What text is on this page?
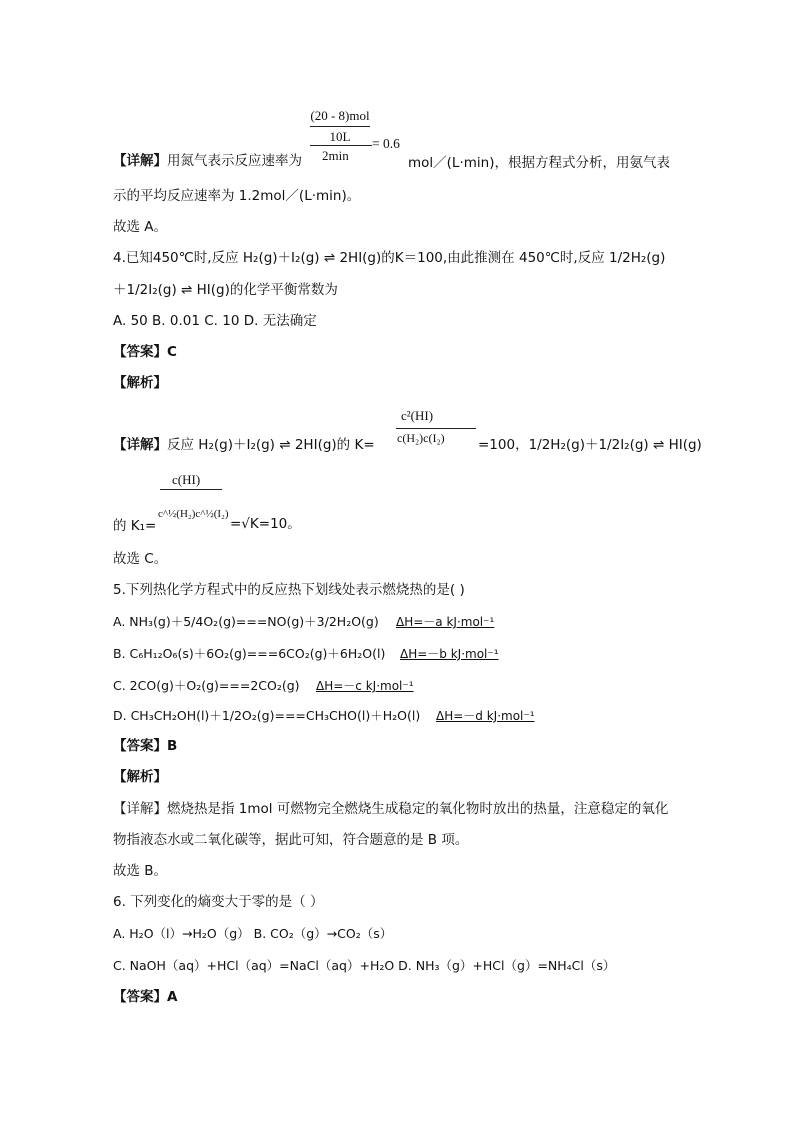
(20 - 8)mol
10L
2min
= 0.6
【详解】用氮气表示反应速率为	mol／(L·min)，根据方程式分析，用氨气表
示的平均反应速率为 1.2mol／(L·min)。
故选 A。
4.已知450℃时,反应 H₂(g)＋I₂(g) ⇌ 2HI(g)的K＝100,由此推测在 450℃时,反应 1/2H₂(g)
＋1/2I₂(g) ⇌ HI(g)的化学平衡常数为
A. 50 B. 0.01 C. 10 D. 无法确定
【答案】C
【解析】
c²(HI)
c(H₂)c(I₂)
【详解】反应 H₂(g)＋I₂(g) ⇌ 2HI(g)的 K=	=100，1/2H₂(g)＋1/2I₂(g) ⇌ HI(g)
c(HI)
c^½(H₂)c^½(I₂)
的 K₁=	=√K=10。
故选 C。
5.下列热化学方程式中的反应热下划线处表示燃烧热的是( )
A. NH₃(g)＋5/4O₂(g)===NO(g)＋3/2H₂O(g) ΔH=－a kJ·mol⁻¹
B. C₆H₁₂O₆(s)＋6O₂(g)===6CO₂(g)＋6H₂O(l) ΔH=－b kJ·mol⁻¹
C. 2CO(g)＋O₂(g)===2CO₂(g) ΔH=－c kJ·mol⁻¹
D. CH₃CH₂OH(l)＋1/2O₂(g)===CH₃CHO(l)＋H₂O(l) ΔH=－d kJ·mol⁻¹
【答案】B
【解析】
【详解】燃烧热是指 1mol 可燃物完全燃烧生成稳定的氧化物时放出的热量，注意稳定的氧化
物指液态水或二氧化碳等，据此可知，符合题意的是 B 项。
故选 B。
6. 下列变化的熵变大于零的是（ ）
A. H₂O（l）→H₂O（g） B. CO₂（g）→CO₂（s）
C. NaOH（aq）+HCl（aq）=NaCl（aq）+H₂O D. NH₃（g）+HCl（g）=NH₄Cl（s）
【答案】A
